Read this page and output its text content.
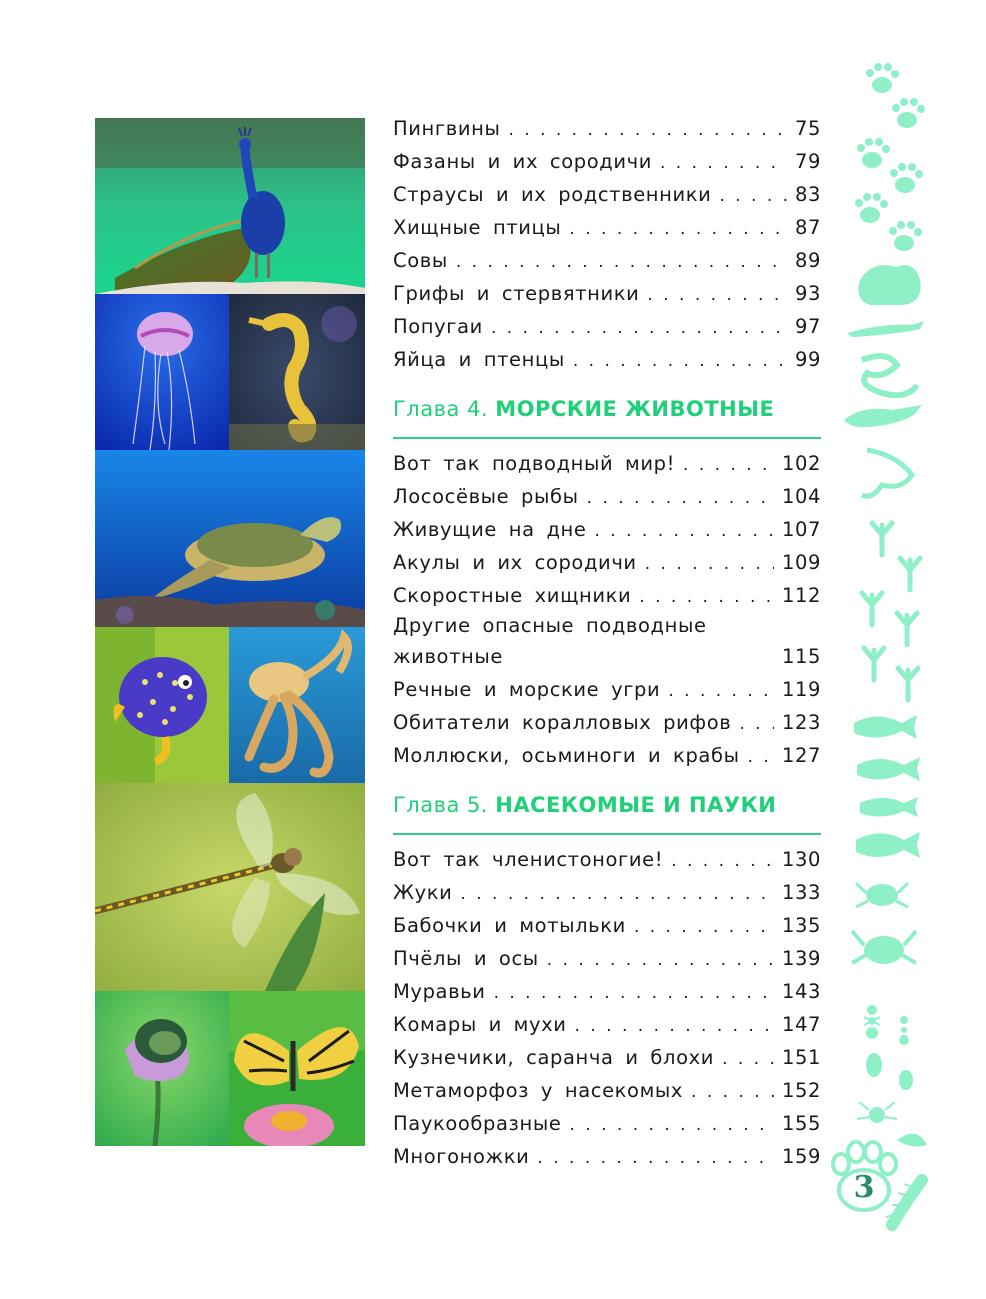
Пингвины . . .	75
Фазаны и их сородичи . . .	79
Страусы и их родственники . . .	83
Хищные птицы . . .	87
Совы . . .	89
Грифы и стервятники . . .	93
Попугаи . . .	97
Яйца и птенцы . . .	99
Глава 4. МОРСКИЕ ЖИВОТНЫЕ
Вот так подводный мир! . . .	102
Лососёвые рыбы . . .	104
Живущие на дне . . .	107
Акулы и их сородичи . . .	109
Скоростные хищники . . .	112
Другие опасные подводные
животные	115
Речные и морские угри . . .	119
Обитатели коралловых рифов . . .	123
Моллюски, осьминоги и крабы . . . 127
Глава 5. НАСЕКОМЫЕ И ПАУКИ
Вот так членистоногие! . . .	130
Жуки . . .	133
Бабочки и мотыльки . . .	135
Пчёлы и осы . . .	139
Муравьи . . .	143
Комары и мухи . . .	147
Кузнечики, саранча и блохи . . .	151
Метаморфоз у насекомых . . .	152
Паукообразные . . .	155
Многоножки . . .	159
3
